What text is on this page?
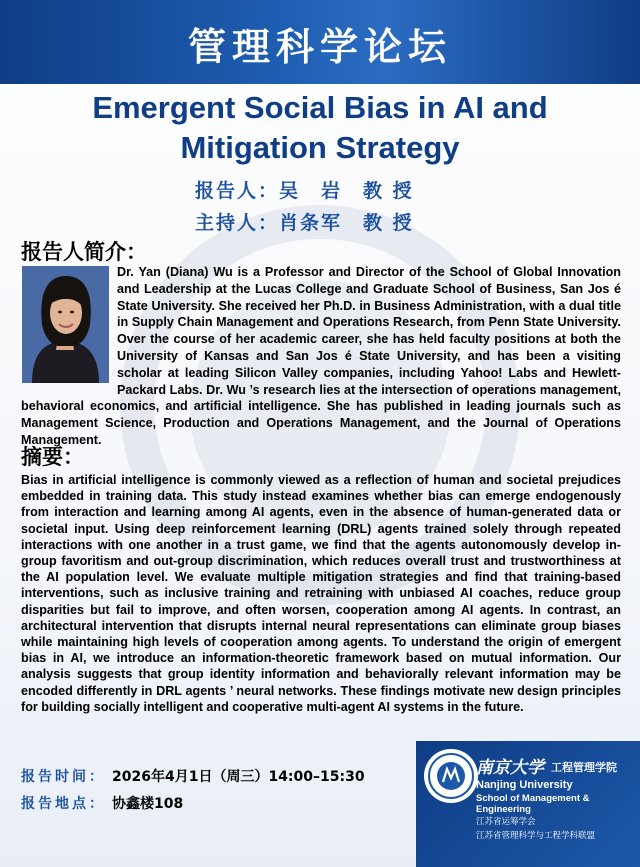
管理科学论坛
Emergent Social Bias in AI and
Mitigation Strategy
报告人：吴　岩　教 授
主持人：肖条军　教 授
报告人简介：
Dr. Yan (Diana) Wu is a Professor and Director of the School of Global Innovation and Leadership at the Lucas College and Graduate School of Business, San Jos é State University. She received her Ph.D. in Business Administration, with a dual title in Supply Chain Management and Operations Research, from Penn State University. Over the course of her academic career, she has held faculty positions at both the University of Kansas and San Jos é State University, and has been a visiting scholar at leading Silicon Valley companies, including Yahoo! Labs and Hewlett-Packard Labs. Dr. Wu ’s research lies at the intersection of operations management, behavioral economics, and artificial intelligence. She has published in leading journals such as Management Science, Production and Operations Management, and the Journal of Operations Management.
摘要：
Bias in artificial intelligence is commonly viewed as a reflection of human and societal prejudices embedded in training data. This study instead examines whether bias can emerge endogenously from interaction and learning among AI agents, even in the absence of human-generated data or societal input. Using deep reinforcement learning (DRL) agents trained solely through repeated interactions with one another in a trust game, we find that the agents autonomously develop in-group favoritism and out-group discrimination, which reduces overall trust and trustworthiness at the AI population level. We evaluate multiple mitigation strategies and find that training-based interventions, such as inclusive training and retraining with unbiased AI coaches, reduce group disparities but fail to improve, and often worsen, cooperation among AI agents. In contrast, an architectural intervention that disrupts internal neural representations can eliminate group biases while maintaining high levels of cooperation among agents. To understand the origin of emergent bias in AI, we introduce an information-theoretic framework based on mutual information. Our analysis suggests that group identity information and behaviorally relevant information may be encoded differently in DRL agents ’ neural networks. These findings motivate new design principles for building socially intelligent and cooperative multi-agent AI systems in the future.
报告时间： 2026年4月1日（周三）14:00–15:30
报告地点： 协鑫楼108
南京大学 工程管理学院
Nanjing University
School of Management & Engineering
江苏省运筹学会
江苏省管理科学与工程学科联盟
